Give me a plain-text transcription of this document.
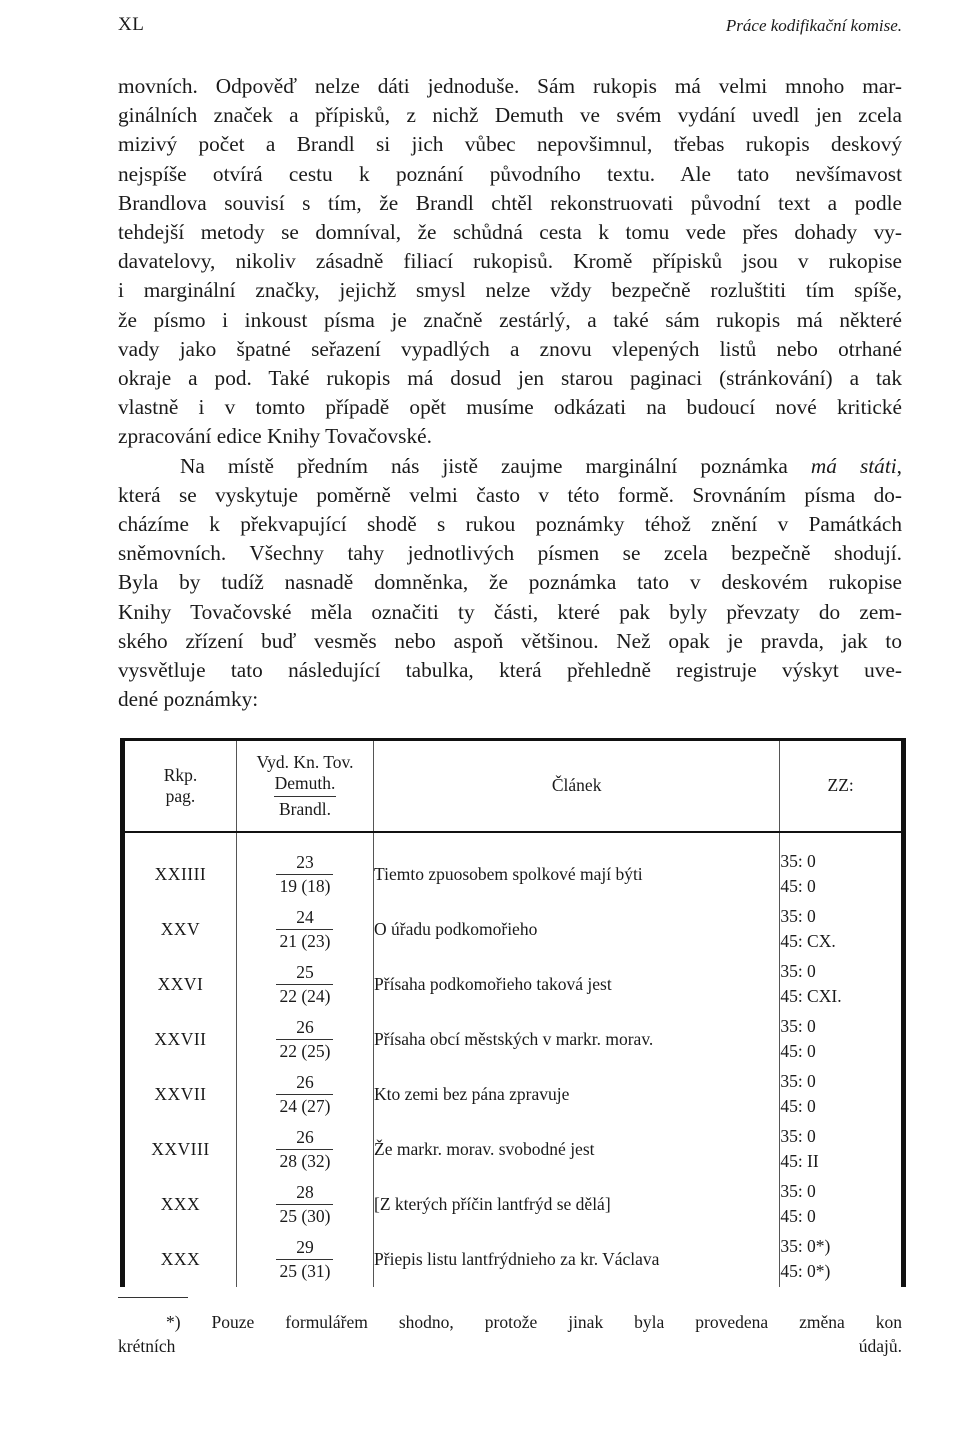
XL	Práce kodifikační komise.

movních. Odpověď nelze dáti jednoduše. Sám rukopis má velmi mnoho mar-
ginálních značek a přípisků, z nichž Demuth ve svém vydání uvedl jen zcela
mizivý počet a Brandl si jich vůbec nepovšimnul, třebas rukopis deskový
nejspíše otvírá cestu k poznání původního textu. Ale tato nevšímavost
Brandlova souvisí s tím, že Brandl chtěl rekonstruovati původní text a podle
tehdejší metody se domníval, že schůdná cesta k tomu vede přes dohady vy-
davatelovy, nikoliv zásadně filiací rukopisů. Kromě přípisků jsou v rukopise
i marginální značky, jejichž smysl nelze vždy bezpečně rozluštiti tím spíše,
že písmo i inkoust písma je značně zestárlý, a také sám rukopis má některé
vady jako špatné seřazení vypadlých a znovu vlepených listů nebo otrhané
okraje a pod. Také rukopis má dosud jen starou paginaci (stránkování) a tak
vlastně i v tomto případě opět musíme odkázati na budoucí nové kritické
zpracování edice Knihy Tovačovské.

Na místě předním nás jistě zaujme marginální poznámka má státi,
která se vyskytuje poměrně velmi často v této formě. Srovnáním písma do-
cházíme k překvapující shodě s rukou poznámky téhož znění v Památkách
sněmovních. Všechny tahy jednotlivých písmen se zcela bezpečně shodují.
Byla by tudíž nasnadě domněnka, že poznámka tato v deskovém rukopise
Knihy Tovačovské měla označiti ty části, které pak byly převzaty do zem-
ského zřízení buď vesměs nebo aspoň většinou. Než opak je pravda, jak to
vysvětluje tato následující tabulka, která přehledně registruje výskyt uve-
dené poznámky:

Rkp.
pag.	Vyd. Kn. Tov.
Demuth.
Brandl.	Článek	ZZ:
XXIIII	$\frac{23}{19 (18)}$	Tiemto zpuosobem spolkové mají býti	35: 0
45: 0

XXV	$\frac{24}{21 (23)}$	O úřadu podkomořieho	35: 0
45: CX.

XXVI	$\frac{25}{22 (24)}$	Přísaha podkomořieho taková jest	35: 0
45: CXI.

XXVII	$\frac{26}{22 (25)}$	Přísaha obcí městských v markr. morav.	35: 0
45: 0

XXVII	$\frac{26}{24 (27)}$	Kto zemi bez pána zpravuje	35: 0
45: 0

XXVIII	$\frac{26}{28 (32)}$	Že markr. morav. svobodné jest	35: 0
45: II

XXX	$\frac{28}{25 (30)}$	[Z kterých příčin lantfrýd se dělá]	35: 0
45: 0

XXX	$\frac{29}{25 (31)}$	Přiepis listu lantfrýdnieho za kr. Václava	35: 0*)
45: 0*)
*) Pouze formulářem shodno, protože jinak byla provedena změna kon
krétních údajů.
